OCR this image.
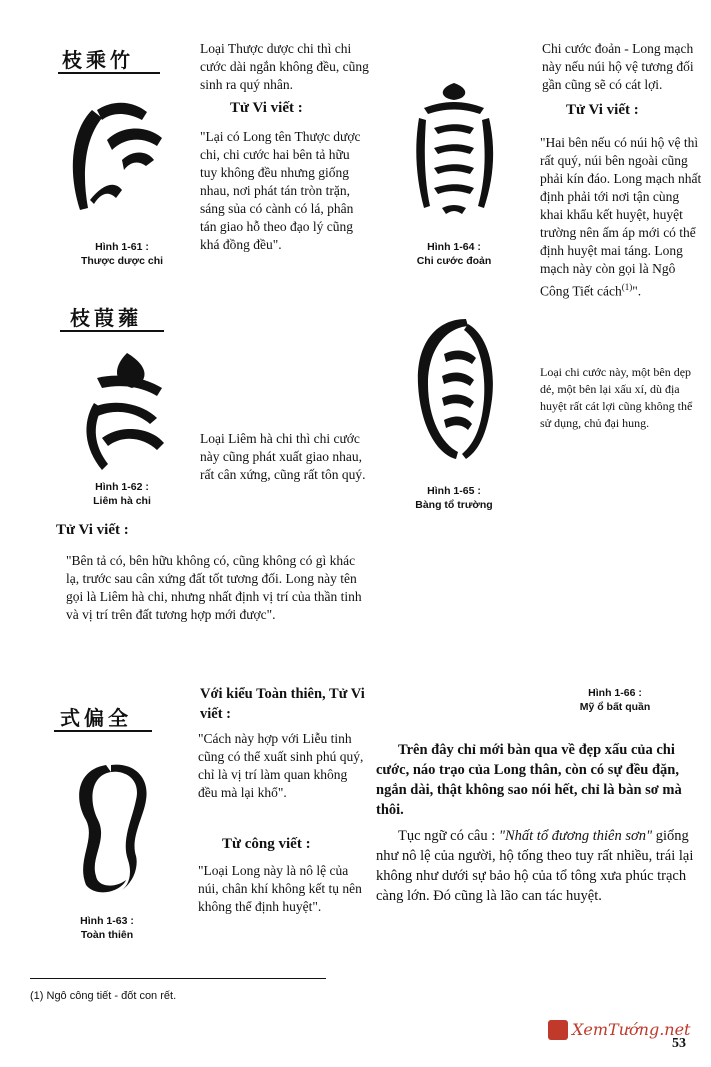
枝乘竹
枝葭蕹
式偏全
Hình 1-61 :
Thược dược chi
Hình 1-62 :
Liêm hà chi
Hình 1-63 :
Toàn thiên
Hình 1-64 :
Chi cước đoản
Hình 1-65 :
Bàng tổ trường
Hình 1-66 :
Mỹ ổ bất quần
Loại Thược dược chi thì chi cước dài ngắn không đều, cũng sinh ra quý nhân.
Tử Vi viết :
"Lại có Long tên Thược dược chi, chi cước hai bên tả hữu tuy không đều nhưng giống nhau, nơi phát tán tròn trặn, sáng sủa có cành có lá, phân tán giao hỗ theo đạo lý cũng khá đồng đều".
Loại Liêm hà chi thì chi cước này cũng phát xuất giao nhau, rất cân xứng, cũng rất tôn quý.
Tử Vi viết :
"Bên tả có, bên hữu không có, cũng không có gì khác lạ, trước sau cân xứng đất tốt tương đối. Long này tên gọi là Liêm hà chi, nhưng nhất định vị trí của thần tinh và vị trí trên đất tương hợp mới được".
Chi cước đoản - Long mạch này nếu núi hộ vệ tương đối gần cũng sẽ có cát lợi.
Tử Vi viết :
"Hai bên nếu có núi hộ vệ thì rất quý, núi bên ngoài cũng phải kín đáo. Long mạch nhất định phải tới nơi tận cùng khai khẩu kết huyệt, huyệt trường nên ấm áp mới có thể định huyệt mai táng. Long mạch này còn gọi là Ngô Công Tiết cách$^{(1)}$".
Loại chi cước này, một bên dẹp dẻ, một bên lại xấu xí, dù địa huyệt rất cát lợi cũng không thể sử dụng, chủ đại hung.
Với kiểu Toàn thiên, Tử Vi viết :
"Cách này hợp với Liễu tinh cũng có thể xuất sinh phú quý, chỉ là vị trí làm quan không đều mà lại khổ".
Từ công viết :
"Loại Long này là nô lệ của núi, chân khí không kết tụ nên không thể định huyệt".
Trên đây chỉ mới bàn qua về đẹp xấu của chi cước, náo trạo của Long thân, còn có sự đều đặn, ngắn dài, thật không sao nói hết, chỉ là bàn sơ mà thôi.
Tục ngữ có câu : "Nhất tổ đương thiên sơn" giống như nô lệ của người, hộ tống theo tuy rất nhiều, trái lại không như dưới sự bảo hộ của tổ tông xưa phúc trạch càng lớn. Đó cũng là lão can tác huyệt.
(1) Ngô công tiết - đốt con rết.
XemTướng.net
53
